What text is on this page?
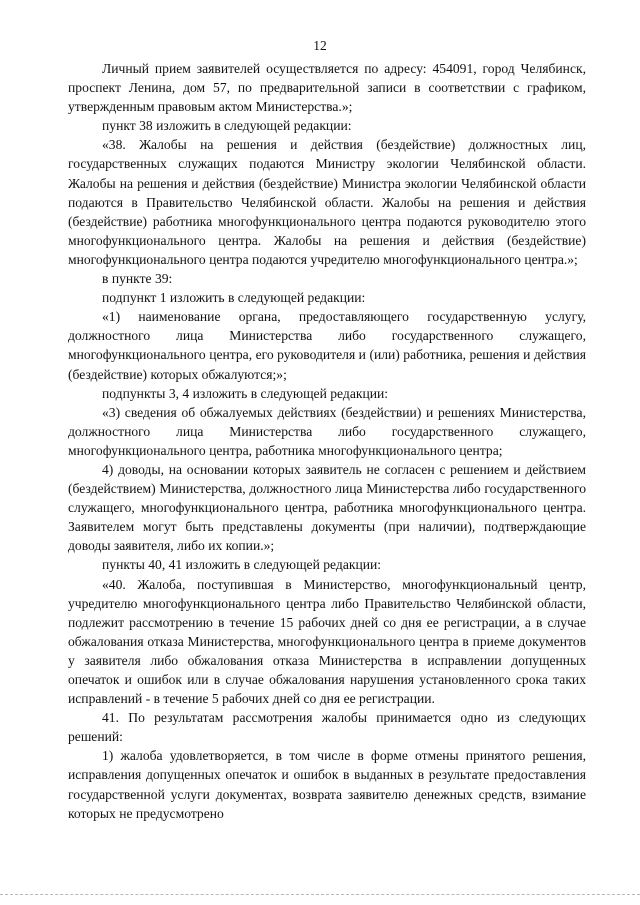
12

Личный прием заявителей осуществляется по адресу: 454091, город Челябинск, проспект Ленина, дом 57, по предварительной записи в соответствии с графиком, утвержденным правовым актом Министерства.»;

пункт 38 изложить в следующей редакции:

«38. Жалобы на решения и действия (бездействие) должностных лиц, государственных служащих подаются Министру экологии Челябинской области. Жалобы на решения и действия (бездействие) Министра экологии Челябинской области подаются в Правительство Челябинской области. Жалобы на решения и действия (бездействие) работника многофункционального центра подаются руководителю этого многофункционального центра. Жалобы на решения и действия (бездействие) многофункционального центра подаются учредителю многофункционального центра.»;

в пункте 39:

подпункт 1 изложить в следующей редакции:

«1) наименование органа, предоставляющего государственную услугу, должностного лица Министерства либо государственного служащего, многофункционального центра, его руководителя и (или) работника, решения и действия (бездействие) которых обжалуются;»;

подпункты 3, 4 изложить в следующей редакции:

«3) сведения об обжалуемых действиях (бездействии) и решениях Министерства, должностного лица Министерства либо государственного служащего, многофункционального центра, работника многофункционального центра;

4) доводы, на основании которых заявитель не согласен с решением и действием (бездействием) Министерства, должностного лица Министерства либо государственного служащего, многофункционального центра, работника многофункционального центра. Заявителем могут быть представлены документы (при наличии), подтверждающие доводы заявителя, либо их копии.»;

пункты 40, 41 изложить в следующей редакции:

«40. Жалоба, поступившая в Министерство, многофункциональный центр, учредителю многофункционального центра либо Правительство Челябинской области, подлежит рассмотрению в течение 15 рабочих дней со дня ее регистрации, а в случае обжалования отказа Министерства, многофункционального центра в приеме документов у заявителя либо обжалования отказа Министерства в исправлении допущенных опечаток и ошибок или в случае обжалования нарушения установленного срока таких исправлений - в течение 5 рабочих дней со дня ее регистрации.

41. По результатам рассмотрения жалобы принимается одно из следующих решений:

1) жалоба удовлетворяется, в том числе в форме отмены принятого решения, исправления допущенных опечаток и ошибок в выданных в результате предоставления государственной услуги документах, возврата заявителю денежных средств, взимание которых не предусмотрено
